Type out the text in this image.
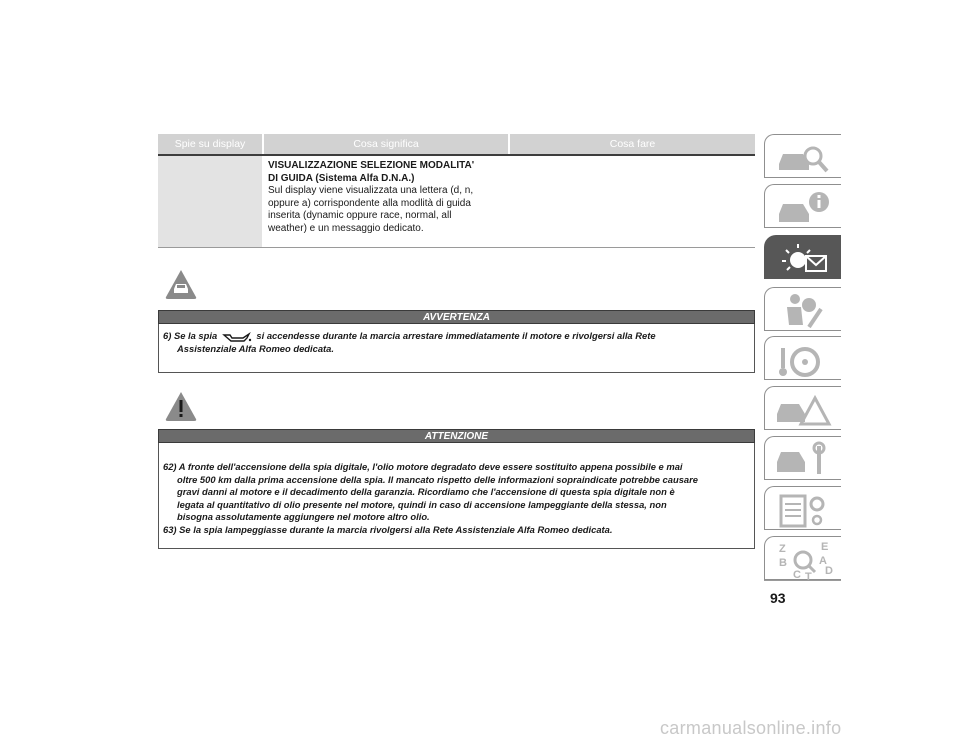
Spie su display	Cosa significa	Cosa fare
VISUALIZZAZIONE SELEZIONE MODALITA'
DI GUIDA (Sistema Alfa D.N.A.)
Sul display viene visualizzata una lettera (d, n,
oppure a) corrispondente alla modlità di guida
inserita (dynamic oppure race, normal, all
weather) e un messaggio dedicato.
AVVERTENZA
6) Se la spia	si accendesse durante la marcia arrestare immediatamente il motore e rivolgersi alla Rete
Assistenziale Alfa Romeo dedicata.
ATTENZIONE
62) A fronte dell'accensione della spia digitale, l'olio motore degradato deve essere sostituito appena possibile e mai
oltre 500 km dalla prima accensione della spia. Il mancato rispetto delle informazioni sopraindicate potrebbe causare
gravi danni al motore e il decadimento della garanzia. Ricordiamo che l'accensione di questa spia digitale non è
legata al quantitativo di olio presente nel motore, quindi in caso di accensione lampeggiante della stessa, non
bisogna assolutamente aggiungere nel motore altro olio.
63) Se la spia lampeggiasse durante la marcia rivolgersi alla Rete Assistenziale Alfa Romeo dedicata.
Z	E
B	A
C D
T
93
carmanualsonline.info
